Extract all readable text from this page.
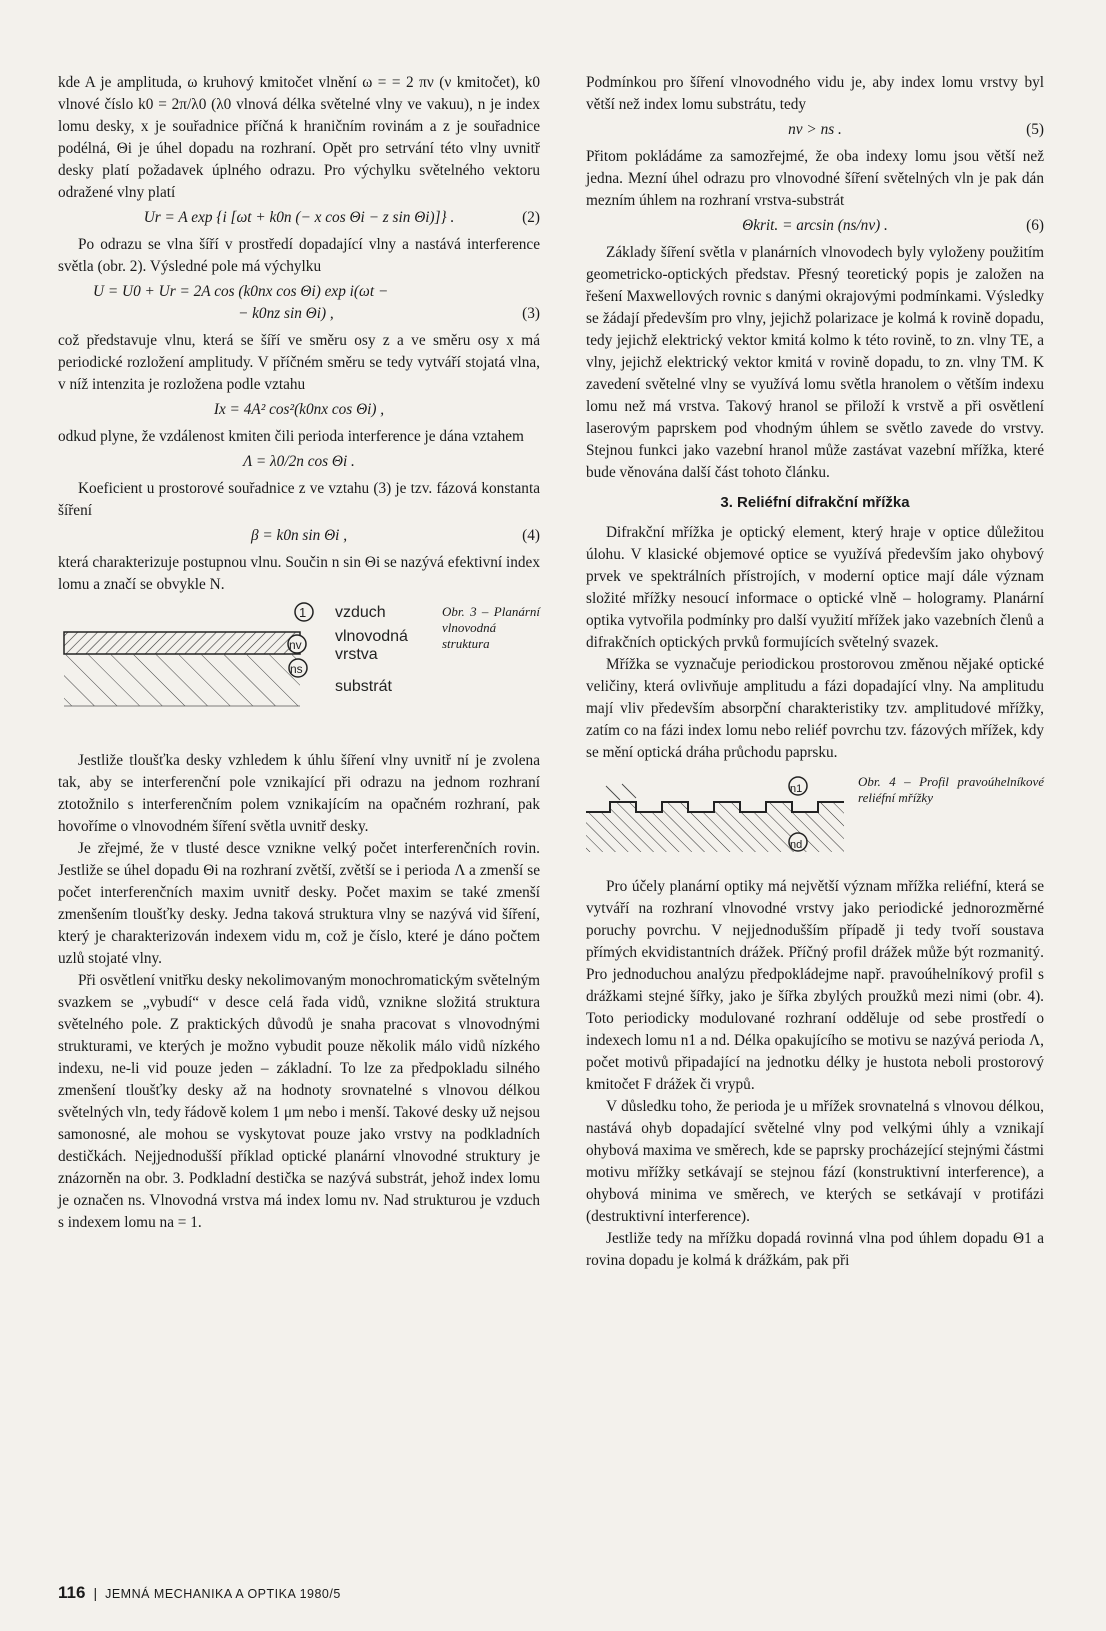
kde A je amplituda, ω kruhový kmitočet vlnění ω = = 2 πν (ν kmitočet), k0 vlnové číslo k0 = 2π/λ0 (λ0 vlnová délka světelné vlny ve vakuu), n je index lomu desky, x je souřadnice příčná k hraničním rovinám a z je souřadnice podélná, Θi je úhel dopadu na rozhraní. Opět pro setrvání této vlny uvnitř desky platí požadavek úplného odrazu. Pro výchylku světelného vektoru odražené vlny platí

Ur = A exp {i [ωt + k0n (− x cos Θi − z sin Θi)]} .	(2)

Po odrazu se vlna šíří v prostředí dopadající vlny a nastává interference světla (obr. 2). Výsledné pole má výchylku

U = U0 + Ur = 2A cos (k0nx cos Θi) exp i(ωt −
− k0nz sin Θi) ,	(3)

což představuje vlnu, která se šíří ve směru osy z a ve směru osy x má periodické rozložení amplitudy. V příčném směru se tedy vytváří stojatá vlna, v níž intenzita je rozložena podle vztahu

Ix = 4A² cos²(k0nx cos Θi) ,

odkud plyne, že vzdálenost kmiten čili perioda interference je dána vztahem

Λ = λ0/2n cos Θi .

Koeficient u prostorové souřadnice z ve vztahu (3) je tzv. fázová konstanta šíření

β = k0n sin Θi ,	(4)

která charakterizuje postupnou vlnu. Součin n sin Θi se nazývá efektivní index lomu a značí se obvykle N.

1
nv
ns
vzduch
vlnovodná vrstva
substrát
Obr. 3 – Planární vlnovodná struktura

Jestliže tloušťka desky vzhledem k úhlu šíření vlny uvnitř ní je zvolena tak, aby se interferenční pole vznikající při odrazu na jednom rozhraní ztotožnilo s interferenčním polem vznikajícím na opačném rozhraní, pak hovoříme o vlnovodném šíření světla uvnitř desky.

Je zřejmé, že v tlusté desce vznikne velký počet interferenčních rovin. Jestliže se úhel dopadu Θi na rozhraní zvětší, zvětší se i perioda Λ a zmenší se počet interferenčních maxim uvnitř desky. Počet maxim se také zmenší zmenšením tloušťky desky. Jedna taková struktura vlny se nazývá vid šíření, který je charakterizován indexem vidu m, což je číslo, které je dáno počtem uzlů stojaté vlny.

Při osvětlení vnitřku desky nekolimovaným monochromatickým světelným svazkem se „vybudí“ v desce celá řada vidů, vznikne složitá struktura světelného pole. Z praktických důvodů je snaha pracovat s vlnovodnými strukturami, ve kterých je možno vybudit pouze několik málo vidů nízkého indexu, ne-li vid pouze jeden – základní. To lze za předpokladu silného zmenšení tloušťky desky až na hodnoty srovnatelné s vlnovou délkou světelných vln, tedy řádově kolem 1 μm nebo i menší. Takové desky už nejsou samonosné, ale mohou se vyskytovat pouze jako vrstvy na podkladních destičkách. Nejjednodušší příklad optické planární vlnovodné struktury je znázorněn na obr. 3. Podkladní destička se nazývá substrát, jehož index lomu je označen ns. Vlnovodná vrstva má index lomu nv. Nad strukturou je vzduch s indexem lomu na = 1.

Podmínkou pro šíření vlnovodného vidu je, aby index lomu vrstvy byl větší než index lomu substrátu, tedy

nv > ns .	(5)

Přitom pokládáme za samozřejmé, že oba indexy lomu jsou větší než jedna. Mezní úhel odrazu pro vlnovodné šíření světelných vln je pak dán mezním úhlem na rozhraní vrstva-substrát

Θkrit. = arcsin (ns/nv) .	(6)

Základy šíření světla v planárních vlnovodech byly vyloženy použitím geometricko-optických představ. Přesný teoretický popis je založen na řešení Maxwellových rovnic s danými okrajovými podmínkami. Výsledky se žádají především pro vlny, jejichž polarizace je kolmá k rovině dopadu, tedy jejichž elektrický vektor kmitá kolmo k této rovině, to zn. vlny TE, a vlny, jejichž elektrický vektor kmitá v rovině dopadu, to zn. vlny TM. K zavedení světelné vlny se využívá lomu světla hranolem o větším indexu lomu než má vrstva. Takový hranol se přiloží k vrstvě a při osvětlení laserovým paprskem pod vhodným úhlem se světlo zavede do vrstvy. Stejnou funkci jako vazební hranol může zastávat vazební mřížka, které bude věnována další část tohoto článku.

3. Reliéfní difrakční mřížka

Difrakční mřížka je optický element, který hraje v optice důležitou úlohu. V klasické objemové optice se využívá především jako ohybový prvek ve spektrálních přístrojích, v moderní optice mají dále význam složité mřížky nesoucí informace o optické vlně – hologramy. Planární optika vytvořila podmínky pro další využití mřížek jako vazebních členů a difrakčních optických prvků formujících světelný svazek.

Mřížka se vyznačuje periodickou prostorovou změnou nějaké optické veličiny, která ovlivňuje amplitudu a fázi dopadající vlny. Na amplitudu mají vliv především absorpční charakteristiky tzv. amplitudové mřížky, zatím co na fázi index lomu nebo reliéf povrchu tzv. fázových mřížek, kdy se mění optická dráha průchodu paprsku.

n1
nd
Obr. 4 – Profil pravoúhelníkové reliéfní mřížky

Pro účely planární optiky má největší význam mřížka reliéfní, která se vytváří na rozhraní vlnovodné vrstvy jako periodické jednorozměrné poruchy povrchu. V nejjednodušším případě ji tedy tvoří soustava přímých ekvidistantních drážek. Příčný profil drážek může být rozmanitý. Pro jednoduchou analýzu předpokládejme např. pravoúhelníkový profil s drážkami stejné šířky, jako je šířka zbylých proužků mezi nimi (obr. 4). Toto periodicky modulované rozhraní odděluje od sebe prostředí o indexech lomu n1 a nd. Délka opakujícího se motivu se nazývá perioda Λ, počet motivů připadající na jednotku délky je hustota neboli prostorový kmitočet F drážek či vrypů.

V důsledku toho, že perioda je u mřížek srovnatelná s vlnovou délkou, nastává ohyb dopadající světelné vlny pod velkými úhly a vznikají ohybová maxima ve směrech, kde se paprsky procházející stejnými částmi motivu mřížky setkávají se stejnou fází (konstruktivní interference), a ohybová minima ve směrech, ve kterých se setkávají v protifázi (destruktivní interference).

Jestliže tedy na mřížku dopadá rovinná vlna pod úhlem dopadu Θ1 a rovina dopadu je kolmá k drážkám, pak při

116 | JEMNÁ MECHANIKA A OPTIKA 1980/5
